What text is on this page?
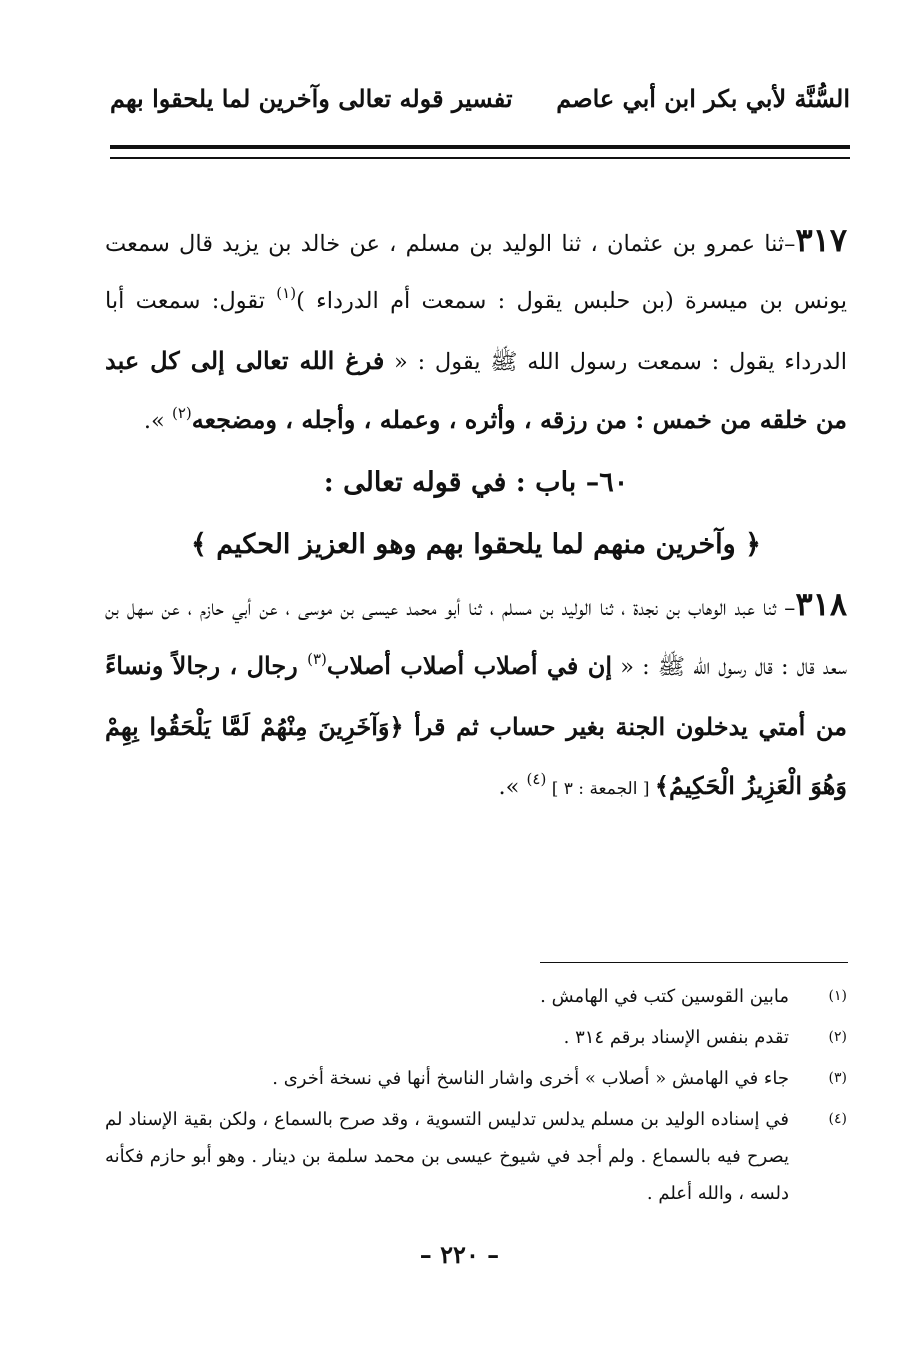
السُّنَّة لأبي بكر ابن أبي عاصم
تفسير قوله تعالى وآخرين لما يلحقوا بهم

٣١٧–ثنا عمرو بن عثمان ، ثنا الوليد بن مسلم ، عن خالد بن يزيد قال سمعت يونس بن ميسرة (بن حلبس يقول : سمعت أم الدرداء )$^{(١)}$ تقول: سمعت أبا الدرداء يقول : سمعت رسول الله ﷺ يقول : « فرغ الله تعالى إلى كل عبد من خلقه من خمس : من رزقه ، وأثره ، وعمله ، وأجله ، ومضجعه$^{(٢)}$ ».

٦٠– باب : في قوله تعالى :

﴿ وآخرين منهم لما يلحقوا بهم وهو العزيز الحكيم ﴾

٣١٨– ثنا عبد الوهاب بن نجدة ، ثنا الوليد بن مسلم ، ثنا أبو محمد عيسى بن موسى ، عن أبي حازم ، عن سهل بن سعد قال : قال رسول الله ﷺ : « إن في أصلاب أصلاب أصلاب$^{(٣)}$ رجال ، رجالاً ونساءً من أمتي يدخلون الجنة بغير حساب ثم قرأ ﴿وَآخَرِينَ مِنْهُمْ لَمَّا يَلْحَقُوا بِهِمْ وَهُوَ الْعَزِيزُ الْحَكِيمُ﴾ [ الجمعة : ٣ ] $^{(٤)}$ ».

(١)
مابين القوسين كتب في الهامش .
(٢)
تقدم بنفس الإسناد برقم ٣١٤ .
(٣)
جاء في الهامش « أصلاب » أخرى واشار الناسخ أنها في نسخة أخرى .
(٤)
في إسناده الوليد بن مسلم يدلس تدليس التسوية ، وقد صرح بالسماع ، ولكن بقية الإسناد لم يصرح فيه بالسماع . ولم أجد في شيوخ عيسى بن محمد سلمة بن دينار . وهو أبو حازم فكأنه دلسه ، والله أعلم .
– ٢٢٠ –
